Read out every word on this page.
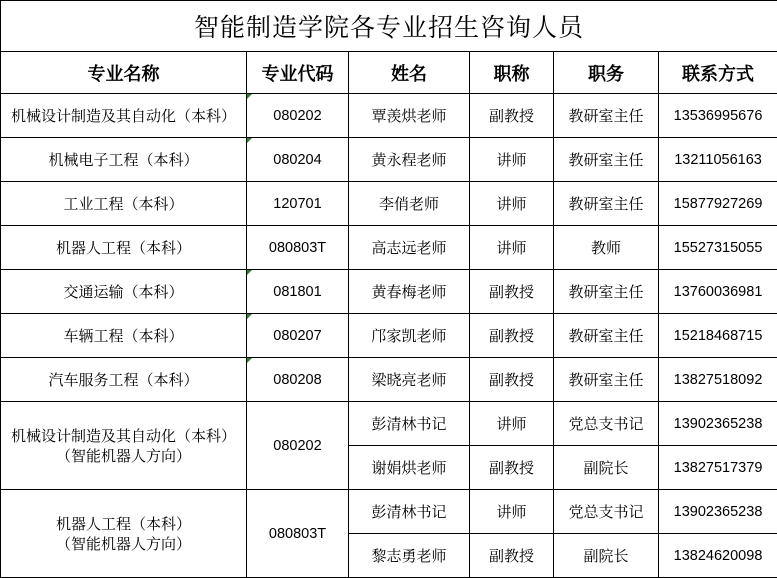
智能制造学院各专业招生咨询人员					
专业名称	专业代码	姓名	职称	职务	联系方式
机械设计制造及其自动化（本科）	080202	覃羡烘老师	副教授	教研室主任	13536995676
机械电子工程（本科）	080204	黄永程老师	讲师	教研室主任	13211056163
工业工程（本科）	120701	李俏老师	讲师	教研室主任	15877927269
机器人工程（本科）	080803T	高志远老师	讲师	教师	15527315055
交通运输（本科）	081801	黄春梅老师	副教授	教研室主任	13760036981
车辆工程（本科）	080207	邝家凯老师	副教授	教研室主任	15218468715
汽车服务工程（本科）	080208	梁晓亮老师	副教授	教研室主任	13827518092

机械设计制造及其自动化（本科）
（智能机器人方向）	080202	彭清林书记	讲师	党总支书记	13902365238
		谢娟烘老师	副教授	副院长	13827517379

机器人工程（本科）
（智能机器人方向）	080803T	彭清林书记	讲师	党总支书记	13902365238
		黎志勇老师	副教授	副院长	13824620098
